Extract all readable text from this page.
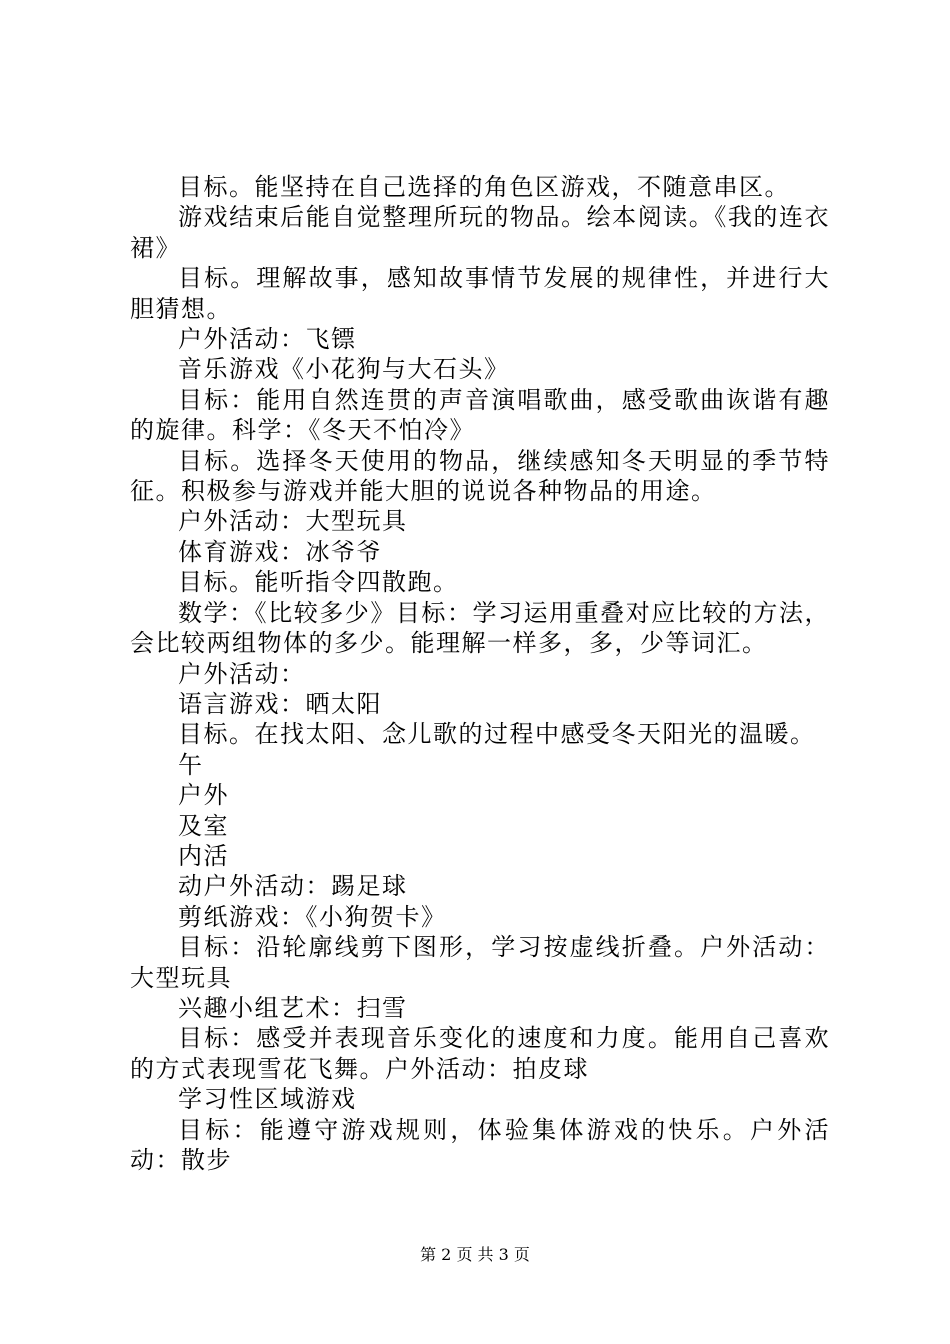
目标。能坚持在自己选择的角色区游戏，不随意串区。

游戏结束后能自觉整理所玩的物品。绘本阅读。《我的连衣裙》

目标。理解故事，感知故事情节发展的规律性，并进行大胆猜想。

户外活动：飞镖

音乐游戏《小花狗与大石头》

目标：能用自然连贯的声音演唱歌曲，感受歌曲诙谐有趣的旋律。科学：《冬天不怕冷》

目标。选择冬天使用的物品，继续感知冬天明显的季节特征。积极参与游戏并能大胆的说说各种物品的用途。

户外活动：大型玩具

体育游戏：冰爷爷

目标。能听指令四散跑。

数学：《比较多少》目标：学习运用重叠对应比较的方法，会比较两组物体的多少。能理解一样多，多，少等词汇。

户外活动：

语言游戏：晒太阳

目标。在找太阳、念儿歌的过程中感受冬天阳光的温暖。

午

户外

及室

内活

动户外活动：踢足球

剪纸游戏：《小狗贺卡》

目标：沿轮廓线剪下图形，学习按虚线折叠。户外活动：大型玩具

兴趣小组艺术：扫雪

目标：感受并表现音乐变化的速度和力度。能用自己喜欢的方式表现雪花飞舞。户外活动：拍皮球

学习性区域游戏

目标：能遵守游戏规则，体验集体游戏的快乐。户外活动：散步

第 2 页 共 3 页
